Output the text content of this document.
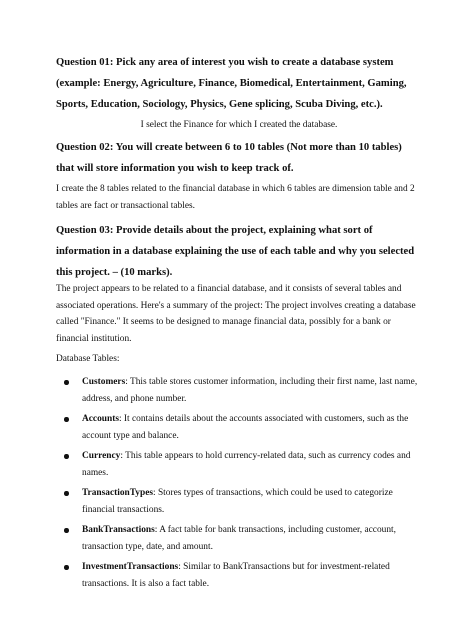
Question 01: Pick any area of interest you wish to create a database system (example: Energy, Agriculture, Finance, Biomedical, Entertainment, Gaming, Sports, Education, Sociology, Physics, Gene splicing, Scuba Diving, etc.).
I select the Finance for which I created the database.
Question 02: You will create between 6 to 10 tables (Not more than 10 tables) that will store information you wish to keep track of.
I create the 8 tables related to the financial database in which 6 tables are dimension table and 2 tables are fact or transactional tables.
Question 03: Provide details about the project, explaining what sort of information in a database explaining the use of each table and why you selected this project. – (10 marks).
The project appears to be related to a financial database, and it consists of several tables and associated operations. Here's a summary of the project: The project involves creating a database called "Finance." It seems to be designed to manage financial data, possibly for a bank or financial institution.
Database Tables:
Customers: This table stores customer information, including their first name, last name, address, and phone number.
Accounts: It contains details about the accounts associated with customers, such as the account type and balance.
Currency: This table appears to hold currency-related data, such as currency codes and names.
TransactionTypes: Stores types of transactions, which could be used to categorize financial transactions.
BankTransactions: A fact table for bank transactions, including customer, account, transaction type, date, and amount.
InvestmentTransactions: Similar to BankTransactions but for investment-related transactions. It is also a fact table.
